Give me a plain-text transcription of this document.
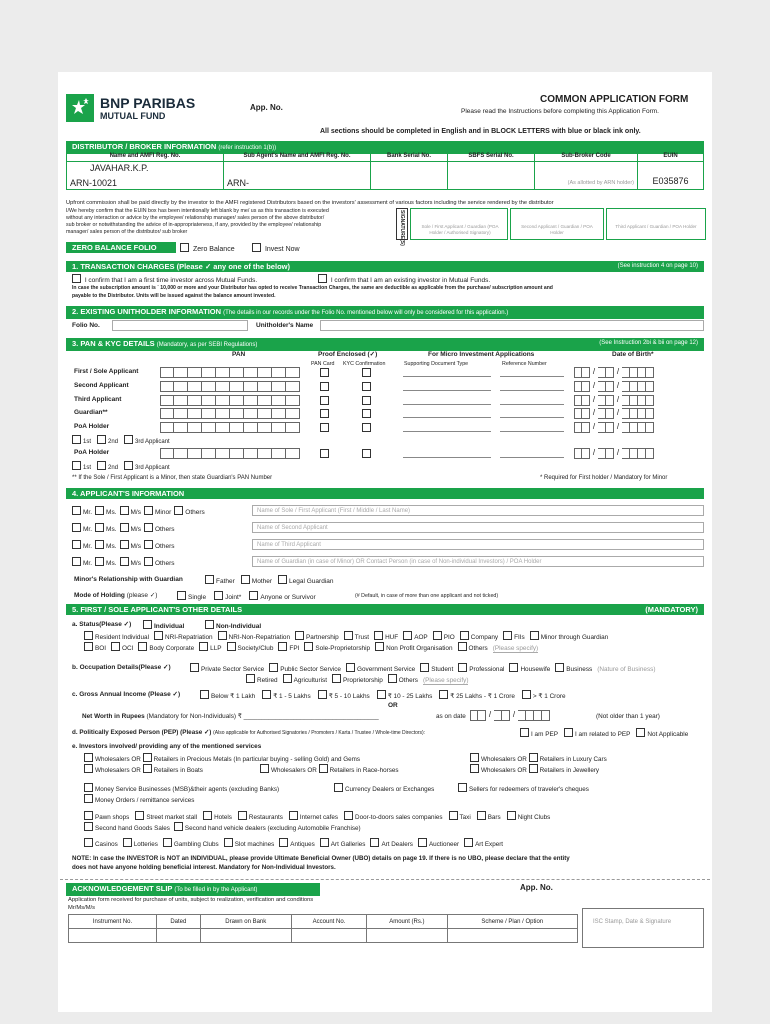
BNP PARIBAS
MUTUAL FUND
App. No.
COMMON APPLICATION FORM
Please read the Instructions before completing this Application Form.
All sections should be completed in English and in BLOCK LETTERS with blue or black ink only.
DISTRIBUTOR / BROKER INFORMATION (refer instruction 1(b))
Name and AMFI Reg. No.	Sub Agent's Name and AMFI Reg. No.	Bank Serial No.	SBFS Serial No.	Sub-Broker Code	EUIN

JAVAHAR.K.P.
ARN-10021	ARN-			(As allotted by ARN holder)	E035876
Upfront commission shall be paid directly by the investor to the AMFI registered Distributors based on the investors' assessment of various factors including the service rendered by the distributor
I/We hereby confirm that the EUIN box has been intentionally left blank by me/ us as this transaction is executed
without any interaction or advice by the employee/ relationship manager/ sales person of the above distributor/
sub broker or notwithstanding the advice of in-appropriateness, if any, provided by the employee/ relationship
manager/ sales person of the distributor/ sub broker	SIGNATURE(S)	Sole / First Applicant / Guardian (POA Holder / Authorised Signatory)
Second Applicant / Guardian / POA Holder
Third Applicant / Guardian / POA Holder
ZERO BALANCE FOLIO	Zero Balance	Invest Now
1. TRANSACTION CHARGES (Please ✓ any one of the below)	(See instruction 4 on page 10)
I confirm that I am a first time investor across Mutual Funds.	I confirm that I am an existing investor in Mutual Funds.
In case the subscription amount is ` 10,000 or more and your Distributor has opted to receive Transaction Charges, the same are deductible as applicable from the purchase/ subscription amount and
payable to the Distributor. Units will be issued against the balance amount invested.
2. EXISTING UNITHOLDER INFORMATION (The details in our records under the Folio No. mentioned below will only be considered for this application.)
Folio No.	Unitholder's Name
3. PAN & KYC DETAILS (Mandatory, as per SEBI Regulations)	(See Instruction 2bi & bii on page 12)
PAN	Proof Enclosed (✓)
PAN Card KYC Confirmation
For Micro Investment Applications
Supporting Document Type	Reference Number
Date of Birth*
First / Sole Applicant	/	/
Second Applicant	/	/
Third Applicant	/	/
Guardian**	/	/
PoA Holder	/	/
1st	2nd	3rd Applicant
PoA Holder	/	/
1st	2nd	3rd Applicant
** If the Sole / First Applicant is a Minor, then state Guardian's PAN Number	* Required for First holder / Mandatory for Minor
4. APPLICANT'S INFORMATION
Mr. Ms. M/s Minor Others	Name of Sole / First Applicant (First / Middle / Last Name)
Mr. Ms. M/s Others	Name of Second Applicant
Mr. Ms. M/s Others	Name of Third Applicant
Mr. Ms. M/s Others	Name of Guardian (in case of Minor) OR Contact Person (in case of Non-individual Investors) / POA Holder
Minor's Relationship with Guardian	Father	Mother	Legal Guardian
Mode of Holding (please ✓)	Single	Joint*	Anyone or Survivor	(# Default, in case of more than one applicant and not ticked)
5. FIRST / SOLE APPLICANT'S OTHER DETAILS	(MANDATORY)
a. Status(Please ✓)	Individual	Non-Individual
Resident Individual	NRI-Repatriation	NRI-Non-Repatriation	Partnership	Trust	HUF	AOP	PIO	Company	FIIs	Minor through Guardian
BOI	OCI	Body Corporate	LLP	Society/Club	FPI	Sole-Proprietorship	Non Profit Organisation	Others (Please specify)
b. Occupation Details(Please ✓)	Private Sector Service	Public Sector Service	Government Service	Student	Professional	Housewife	Business (Nature of Business)
Retired	Agriculturist	Proprietorship	Others (Please specify)
c. Gross Annual Income (Please ✓)	Below ₹ 1 Lakh	₹ 1 - 5 Lakhs	₹ 5 - 10 Lakhs	₹ 10 - 25 Lakhs	₹ 25 Lakhs - ₹ 1 Crore	> ₹ 1 Crore
OR
Net Worth in Rupees (Mandatory for Non-Individuals) ₹ ______________________________________	as on date	/	/	(Not older than 1 year)
d. Politically Exposed Person (PEP) (Please ✓) (Also applicable for Authorised Signatories / Promoters / Karta / Trustee / Whole-time Directors):	I am PEP	I am related to PEP	Not Applicable
e. Investors involved/ providing any of the mentioned services
Wholesalers OR Retailers in Precious Metals (In particular buying - selling Gold) and Gems
Wholesalers OR Retailers in Boats	Wholesalers OR Retailers in Race-horses
Wholesalers OR Retailers in Luxury Cars
Wholesalers OR Retailers in Jewellery
Money Service Businesses (MSB)&their agents (excluding Banks)	Currency Dealers or Exchanges	Sellers for redeemers of traveler's cheques
Money Orders / remittance services
Pawn shops	Street market stall	Hotels	Restaurants	Internet cafes	Door-to-doors sales companies	Taxi	Bars	Night Clubs
Second hand Goods Sales Second hand vehicle dealers (excluding Automobile Franchise)
Casinos	Lotteries	Gambling Clubs	Slot machines	Antiques	Art Galleries	Art Dealers	Auctioneer	Art Expert
NOTE: In case the INVESTOR is NOT an INDIVIDUAL, please provide Ultimate Beneficial Owner (UBO) details on page 19. If there is no UBO, please declare that the entity
does not have anyone holding beneficial interest. Mandatory for Non-Individual Investors.
ACKNOWLEDGEMENT SLIP (To be filled in by the Applicant)	App. No.
Application form received for purchase of units, subject to realization, verification and conditions
Mr/Ms/M/s
Instrument No.	Dated	Drawn on Bank	Account No.	Amount (Rs.)	Scheme / Plan / Option
						ISC Stamp, Date & Signature
